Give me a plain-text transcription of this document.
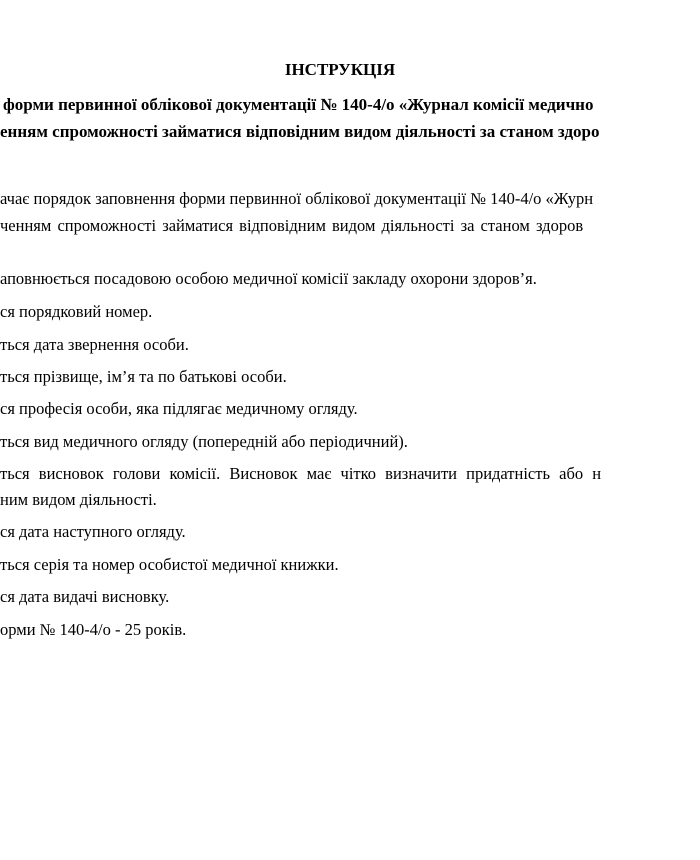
ІНСТРУКЦІЯ
форми первинної облікової документації № 140-4/о «Журнал комісії медично
енням спроможності займатися відповідним видом діяльності за станом здоро
ачає порядок заповнення форми первинної облікової документації № 140-4/о «Журн
ченням спроможності займатися відповідним видом діяльності за станом здоров
аповнюється посадовою особою медичної комісії закладу охорони здоров’я.
ся порядковий номер.
ться дата звернення особи.
ться прізвище, ім’я та по батькові особи.
ся професія особи, яка підлягає медичному огляду.
ться вид медичного огляду (попередній або періодичний).
ться висновок голови комісії. Висновок має чітко визначити придатність або н
ним видом діяльності.
ся дата наступного огляду.
ться серія та номер особистої медичної книжки.
ся дата видачі висновку.
орми № 140-4/о - 25 років.
